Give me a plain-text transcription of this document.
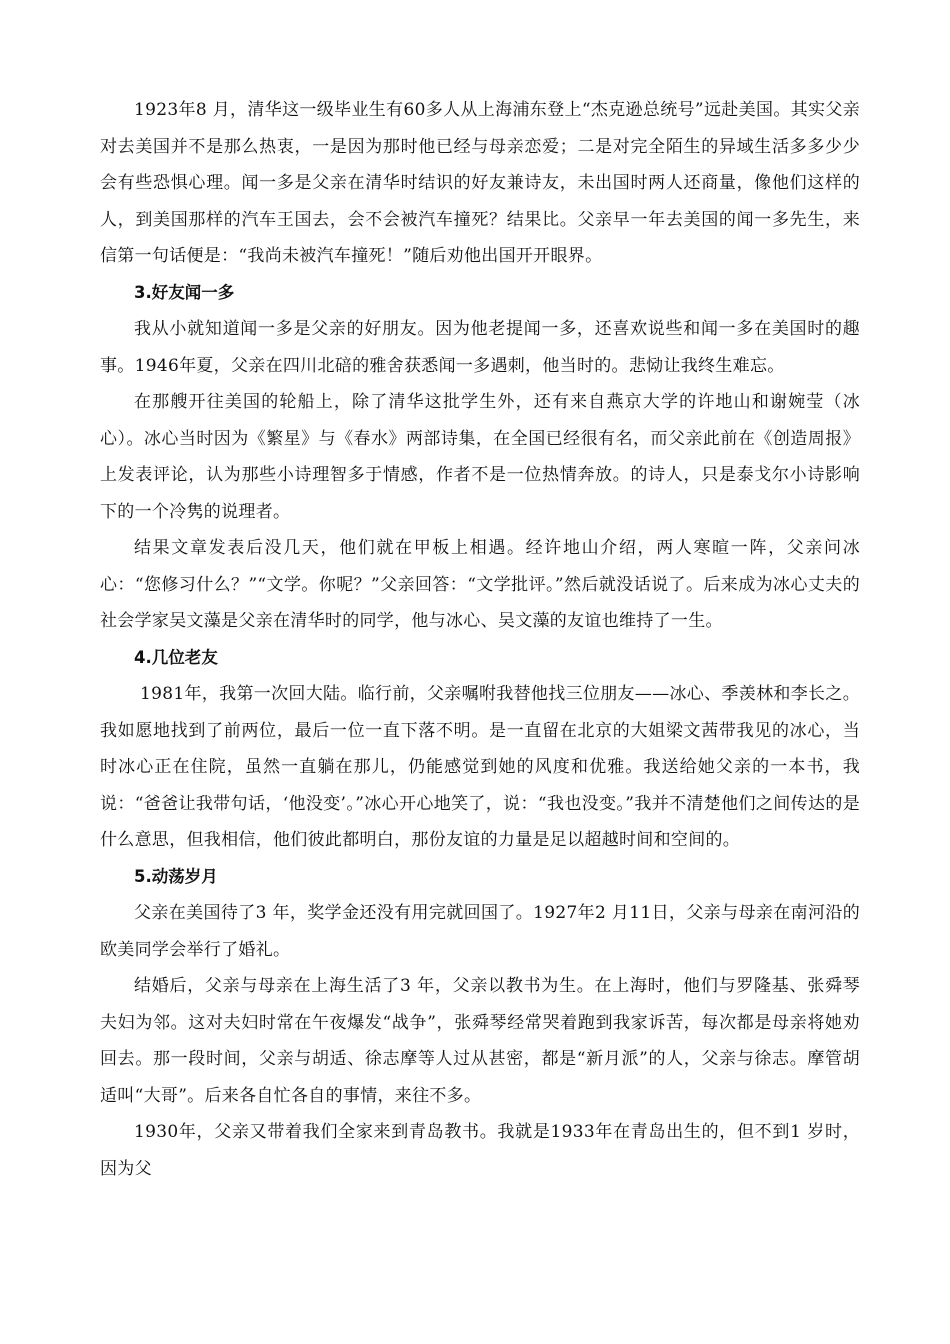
1923年8 月，清华这一级毕业生有60多人从上海浦东登上“杰克逊总统号”远赴美国。其实父亲对去美国并不是那么热衷，一是因为那时他已经与母亲恋爱；二是对完全陌生的异域生活多多少少会有些恐惧心理。闻一多是父亲在清华时结识的好友兼诗友，未出国时两人还商量，像他们这样的人，到美国那样的汽车王国去，会不会被汽车撞死？结果比。父亲早一年去美国的闻一多先生，来信第一句话便是：“我尚未被汽车撞死！”随后劝他出国开开眼界。

3.好友闻一多

我从小就知道闻一多是父亲的好朋友。因为他老提闻一多，还喜欢说些和闻一多在美国时的趣事。1946年夏，父亲在四川北碚的雅舍获悉闻一多遇刺，他当时的。悲恸让我终生难忘。

在那艘开往美国的轮船上，除了清华这批学生外，还有来自燕京大学的许地山和谢婉莹（冰心）。冰心当时因为《繁星》与《春水》两部诗集，在全国已经很有名，而父亲此前在《创造周报》上发表评论，认为那些小诗理智多于情感，作者不是一位热情奔放。的诗人，只是泰戈尔小诗影响下的一个冷隽的说理者。

结果文章发表后没几天，他们就在甲板上相遇。经许地山介绍，两人寒暄一阵，父亲问冰心：“您修习什么？”“文学。你呢？”父亲回答：“文学批评。”然后就没话说了。后来成为冰心丈夫的社会学家吴文藻是父亲在清华时的同学，他与冰心、吴文藻的友谊也维持了一生。

4.几位老友

1981年，我第一次回大陆。临行前，父亲嘱咐我替他找三位朋友——冰心、季羡林和李长之。我如愿地找到了前两位，最后一位一直下落不明。是一直留在北京的大姐梁文茜带我见的冰心，当时冰心正在住院，虽然一直躺在那儿，仍能感觉到她的风度和优雅。我送给她父亲的一本书，我说：“爸爸让我带句话，‘他没变’。”冰心开心地笑了，说：“我也没变。”我并不清楚他们之间传达的是什么意思，但我相信，他们彼此都明白，那份友谊的力量是足以超越时间和空间的。

5.动荡岁月

父亲在美国待了3 年，奖学金还没有用完就回国了。1927年2 月11日，父亲与母亲在南河沿的欧美同学会举行了婚礼。

结婚后，父亲与母亲在上海生活了3 年，父亲以教书为生。在上海时，他们与罗隆基、张舜琴夫妇为邻。这对夫妇时常在午夜爆发“战争”，张舜琴经常哭着跑到我家诉苦，每次都是母亲将她劝回去。那一段时间，父亲与胡适、徐志摩等人过从甚密，都是“新月派”的人，父亲与徐志。摩管胡适叫“大哥”。后来各自忙各自的事情，来往不多。

1930年，父亲又带着我们全家来到青岛教书。我就是1933年在青岛出生的，但不到1 岁时，因为父
